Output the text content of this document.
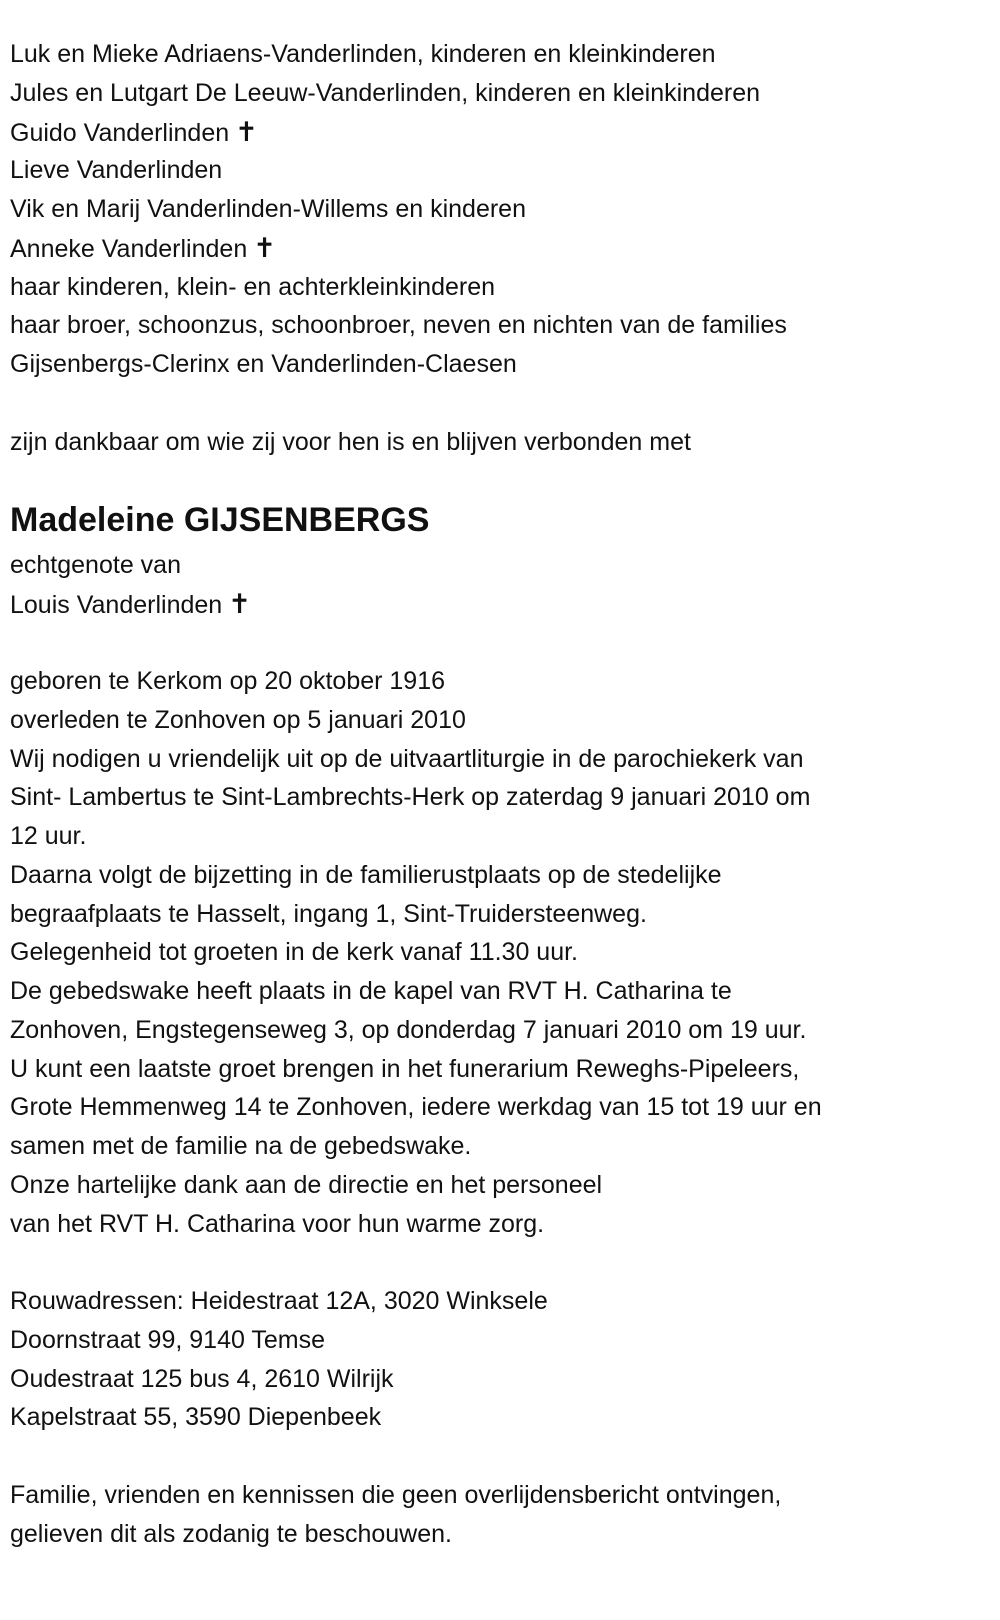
Luk en Mieke Adriaens-Vanderlinden, kinderen en kleinkinderen
Jules en Lutgart De Leeuw-Vanderlinden, kinderen en kleinkinderen
Guido Vanderlinden ✝
Lieve Vanderlinden
Vik en Marij Vanderlinden-Willems en kinderen
Anneke Vanderlinden ✝
haar kinderen, klein- en achterkleinkinderen
haar broer, schoonzus, schoonbroer, neven en nichten van de families
Gijsenbergs-Clerinx en Vanderlinden-Claesen
zijn dankbaar om wie zij voor hen is en blijven verbonden met
Madeleine GIJSENBERGS
echtgenote van
Louis Vanderlinden ✝
geboren te Kerkom op 20 oktober 1916
overleden te Zonhoven op 5 januari 2010
Wij nodigen u vriendelijk uit op de uitvaartliturgie in de parochiekerk van
Sint- Lambertus te Sint-Lambrechts-Herk op zaterdag 9 januari 2010 om
12 uur.
Daarna volgt de bijzetting in de familierustplaats op de stedelijke
begraafplaats te Hasselt, ingang 1, Sint-Truidersteenweg.
Gelegenheid tot groeten in de kerk vanaf 11.30 uur.
De gebedswake heeft plaats in de kapel van RVT H. Catharina te
Zonhoven, Engstegenseweg 3, op donderdag 7 januari 2010 om 19 uur.
U kunt een laatste groet brengen in het funerarium Reweghs-Pipeleers,
Grote Hemmenweg 14 te Zonhoven, iedere werkdag van 15 tot 19 uur en
samen met de familie na de gebedswake.
Onze hartelijke dank aan de directie en het personeel
van het RVT H. Catharina voor hun warme zorg.
Rouwadressen: Heidestraat 12A, 3020 Winksele
Doornstraat 99, 9140 Temse
Oudestraat 125 bus 4, 2610 Wilrijk
Kapelstraat 55, 3590 Diepenbeek
Familie, vrienden en kennissen die geen overlijdensbericht ontvingen,
gelieven dit als zodanig te beschouwen.
